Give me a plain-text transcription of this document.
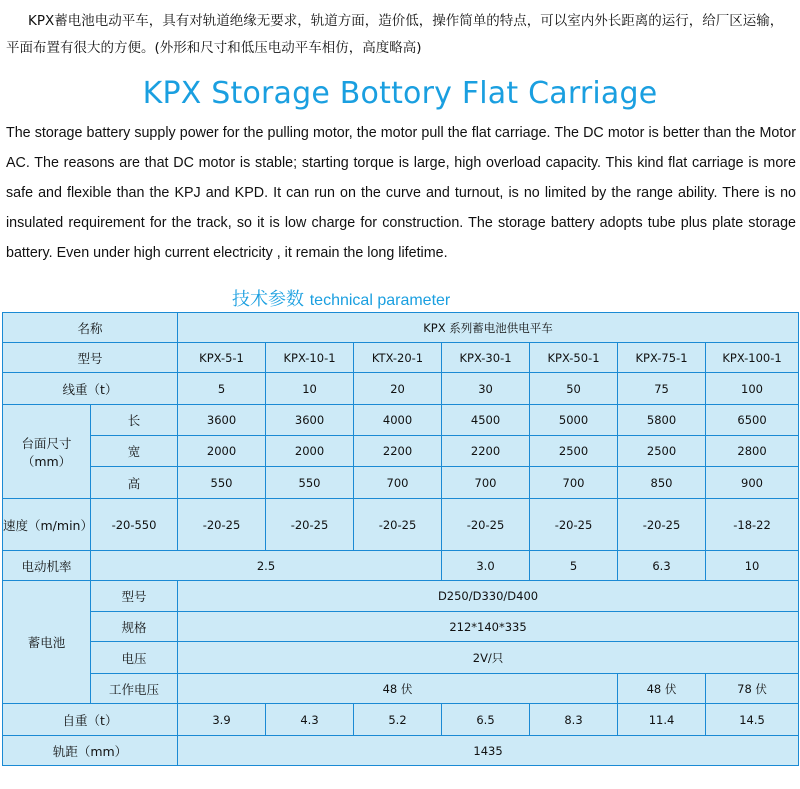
KPX蓄电池电动平车，具有对轨道绝缘无要求，轨道方面，造价低，操作简单的特点，可以室内外长距离的运行，给厂区运输，平面布置有很大的方便。(外形和尺寸和低压电动平车相仿，高度略高)
KPX Storage Bottory Flat Carriage
The storage battery supply power for the pulling motor, the motor pull the flat carriage. The DC motor is better than the Motor AC. The reasons are that DC motor is stable; starting torque is large, high overload capacity. This kind flat carriage is more safe and flexible than the KPJ and KPD. It can run on the curve and turnout, is no limited by the range ability. There is no insulated requirement for the track, so it is low charge for construction. The storage battery adopts tube plus plate storage battery. Even under high current electricity , it remain the long lifetime.
技术参数 technical parameter
名称		KPX 系列蓄电池供电平车						
型号		KPX-5-1	KPX-10-1	KTX-20-1	KPX-30-1	KPX-50-1	KPX-75-1	KPX-100-1
线重（t）		5	10	20	30	50	75	100
台面尺寸（mm）	长	3600	3600	4000	4500	5000	5800	6500
	宽	2000	2000	2200	2200	2500	2500	2800
	高	550	550	700	700	700	850	900
速度（m/min）	-20-550	-20-25	-20-25	-20-25	-20-25	-20-25	-20-25	-18-22
电动机率	2.5				3.0	5	6.3	10
蓄电池	型号	D250/D330/D400						
	规格	212*140*335						
	电压	2V/只						
	工作电压	48 伏					48 伏	78 伏
自重（t）		3.9	4.3	5.2	6.5	8.3	11.4	14.5
轨距（mm）		1435						
